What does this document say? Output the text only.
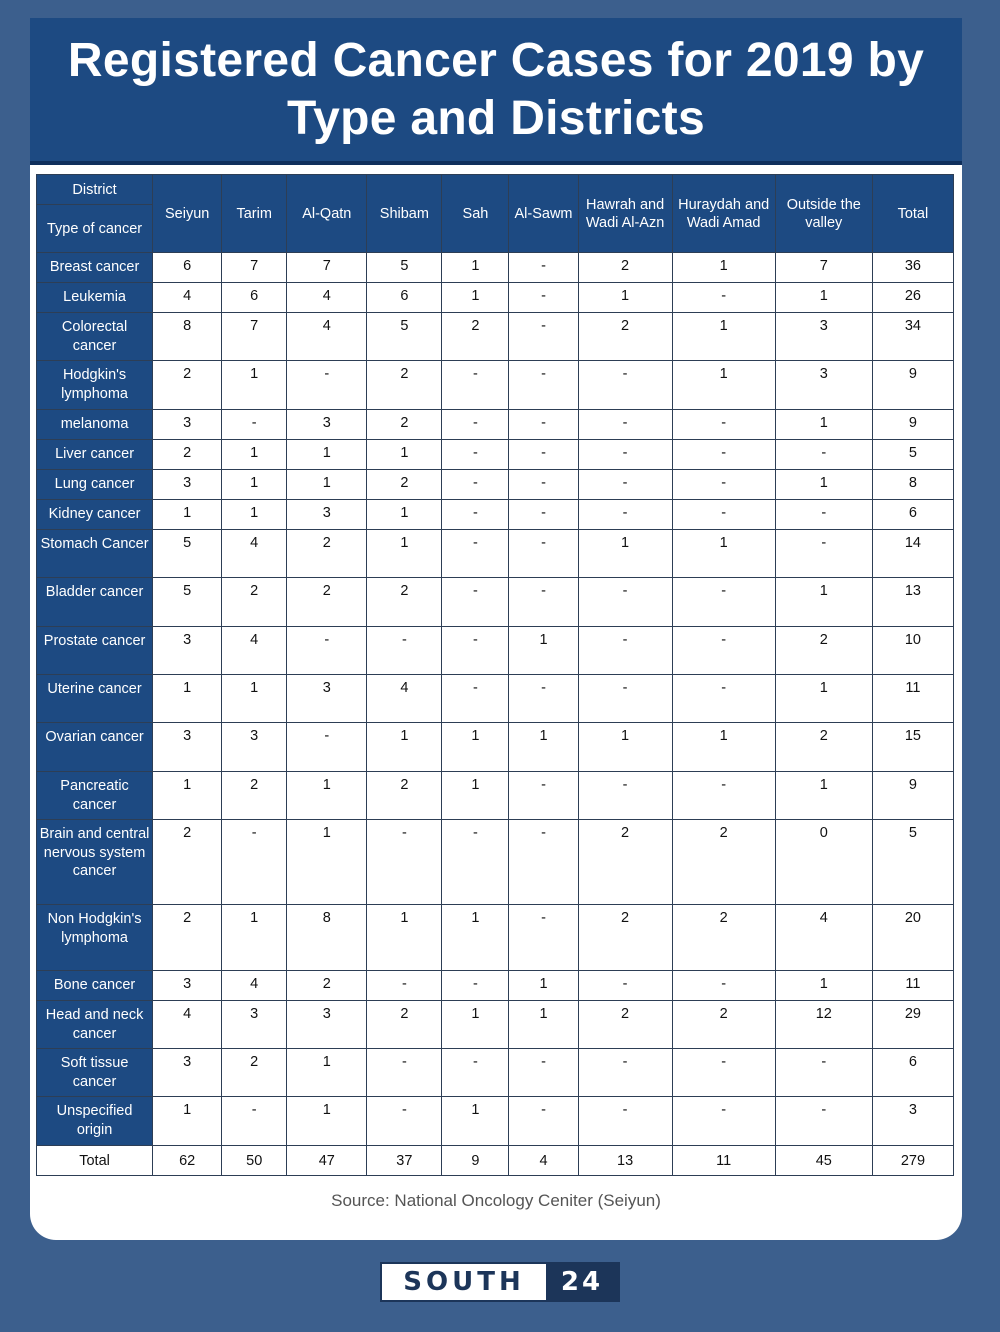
Registered Cancer Cases for 2019 by
Type and Districts
District	Seiyun	Tarim	Al-Qatn	Shibam	Sah	Al-Sawm	Hawrah and Wadi Al-Azn	Huraydah and Wadi Amad	Outside the valley	Total
Type of cancer										
Breast cancer	6	7	7	5	1	-	2	1	7	36
Leukemia	4	6	4	6	1	-	1	-	1	26
Colorectal cancer	8	7	4	5	2	-	2	1	3	34
Hodgkin's lymphoma	2	1	-	2	-	-	-	1	3	9
melanoma	3	-	3	2	-	-	-	-	1	9
Liver cancer	2	1	1	1	-	-	-	-	-	5
Lung cancer	3	1	1	2	-	-	-	-	1	8
Kidney cancer	1	1	3	1	-	-	-	-	-	6
Stomach Cancer	5	4	2	1	-	-	1	1	-	14
Bladder cancer	5	2	2	2	-	-	-	-	1	13
Prostate cancer	3	4	-	-	-	1	-	-	2	10
Uterine cancer	1	1	3	4	-	-	-	-	1	11
Ovarian cancer	3	3	-	1	1	1	1	1	2	15
Pancreatic cancer	1	2	1	2	1	-	-	-	1	9
Brain and central nervous system cancer	2	-	1	-	-	-	2	2	0	5
Non Hodgkin's lymphoma	2	1	8	1	1	-	2	2	4	20
Bone cancer	3	4	2	-	-	1	-	-	1	11
Head and neck cancer	4	3	3	2	1	1	2	2	12	29
Soft tissue cancer	3	2	1	-	-	-	-	-	-	6
Unspecified origin	1	-	1	-	1	-	-	-	-	3
Total	62	50	47	37	9	4	13	11	45	279
Source: National Oncology Ceniter (Seiyun)
SOUTH	24
